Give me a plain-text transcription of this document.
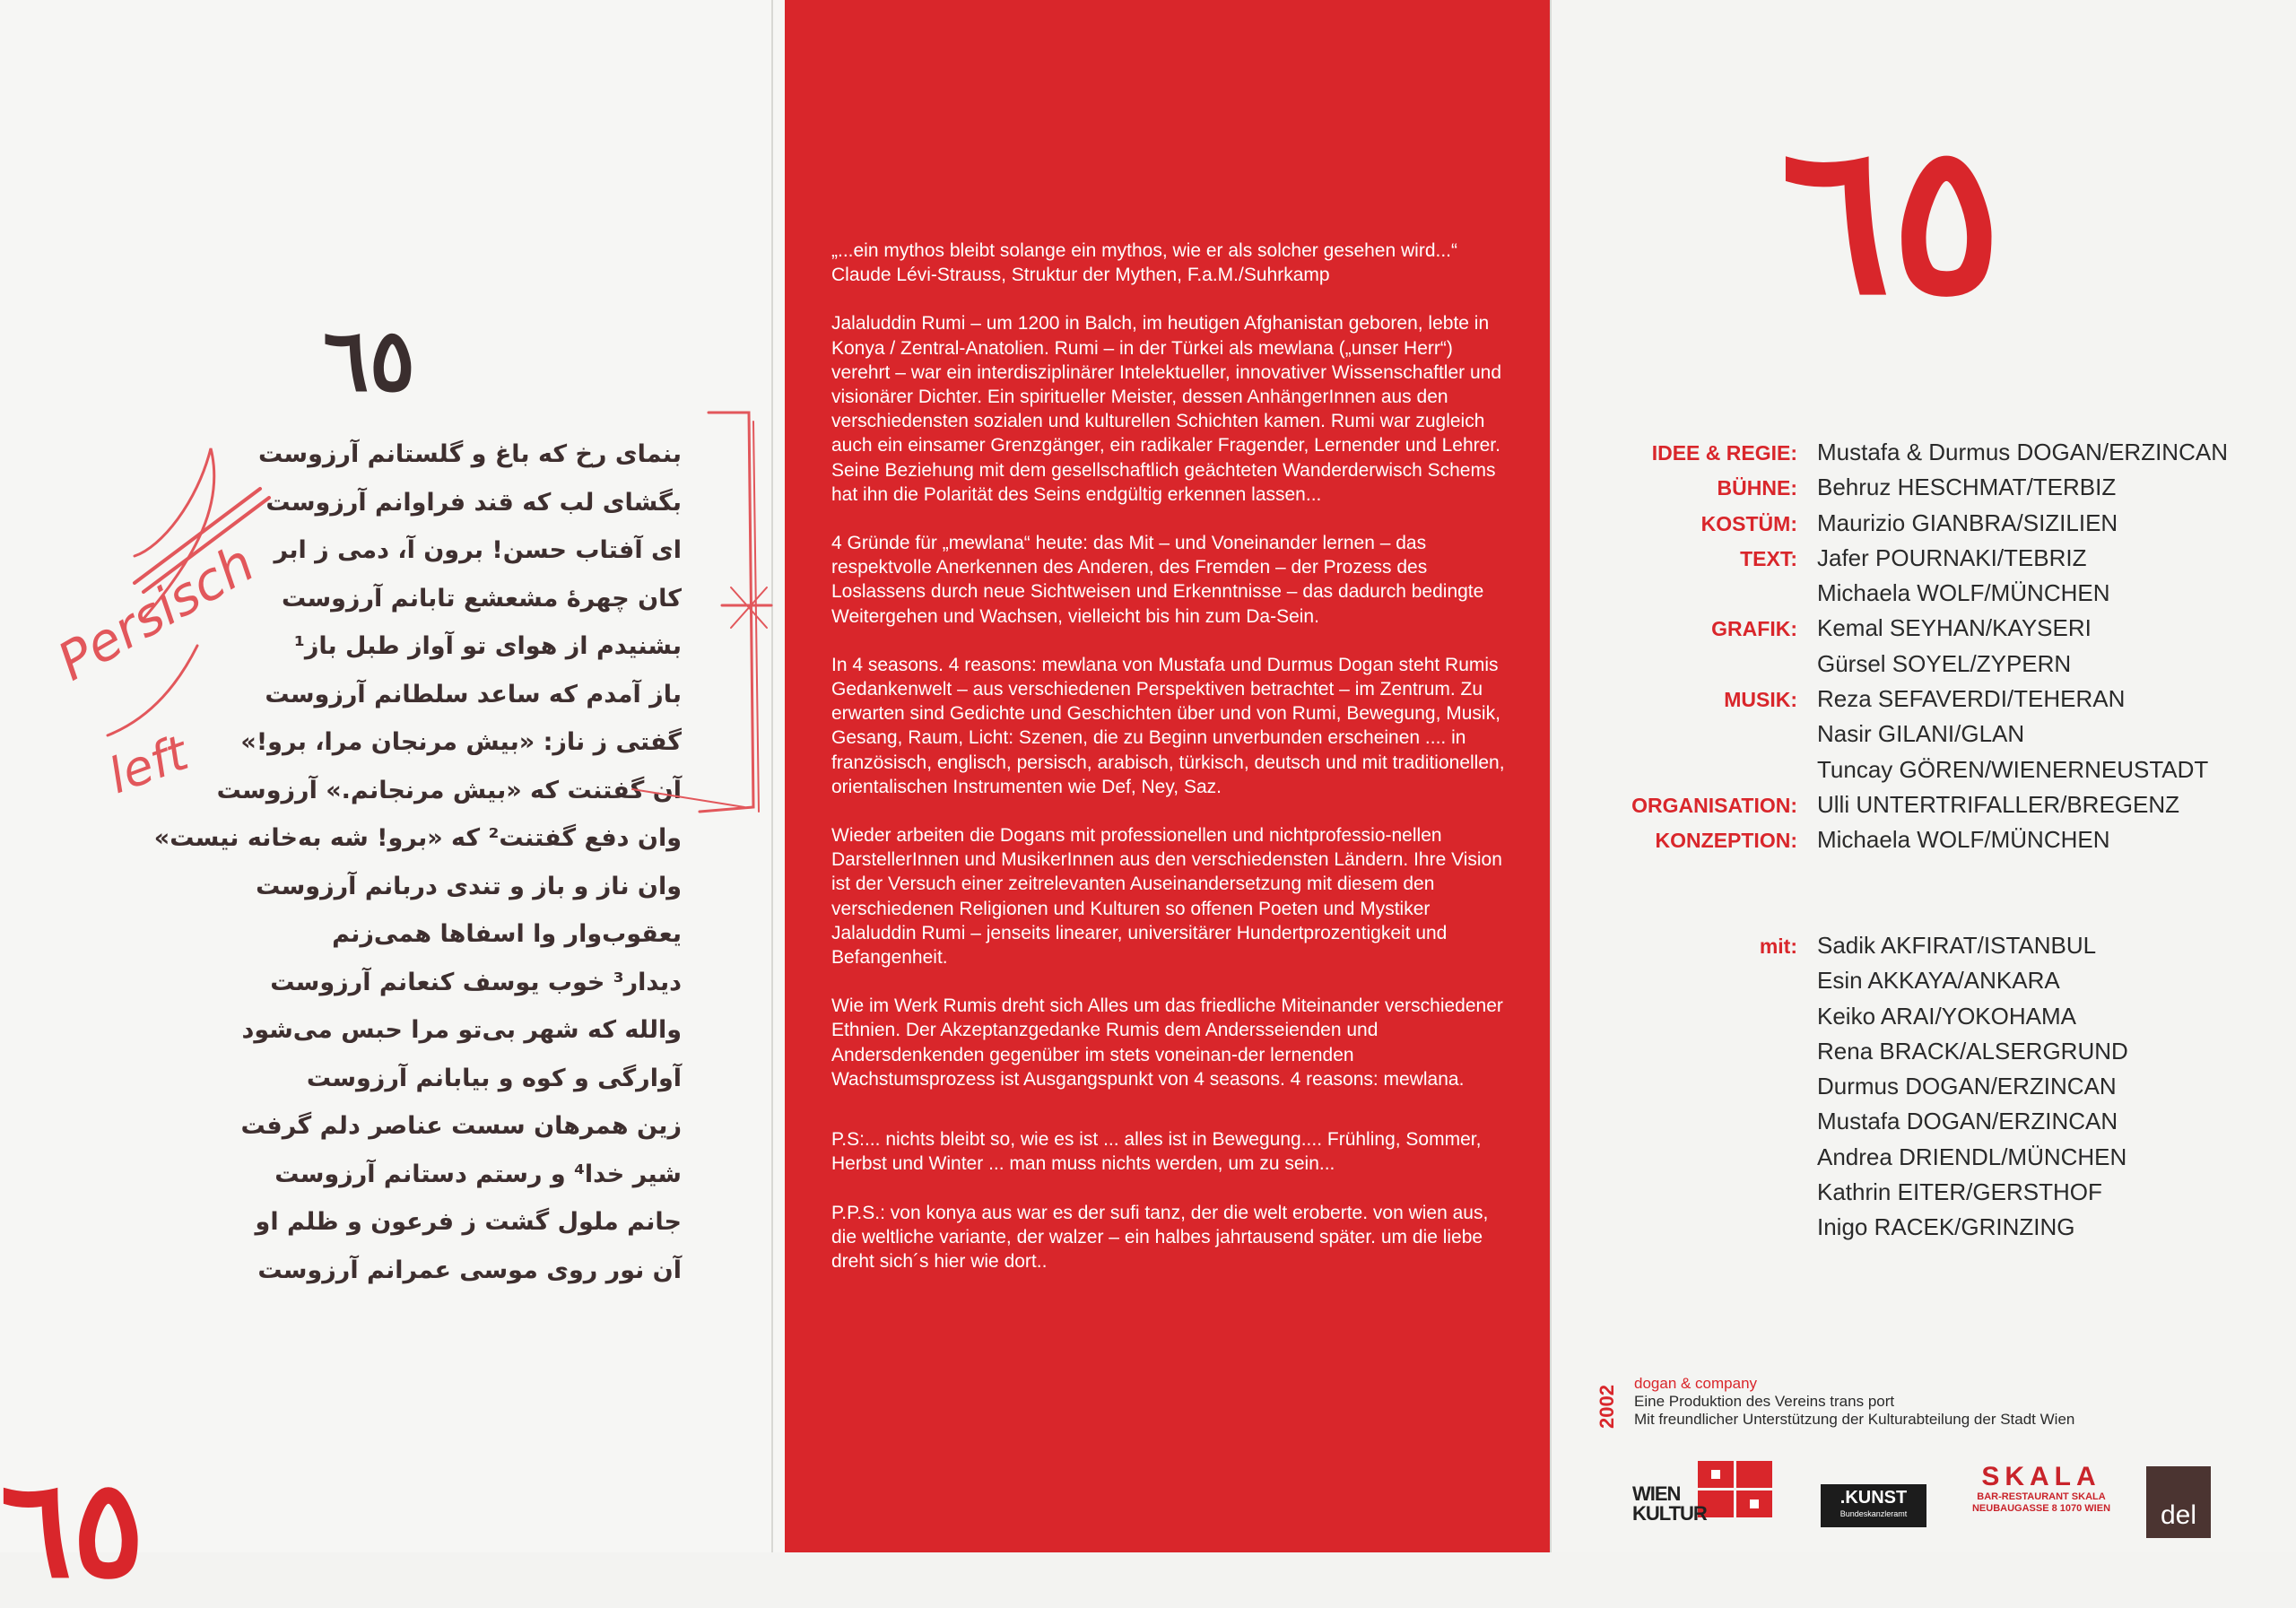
٦٥
بنمای رخ که باغ و گلستانم آرزوست
بگشای لب که قند فراوانم آرزوست
ای آفتاب حسن! برون آ، دمی ز ابر
کان چهرهٔ مشعشع تابانم آرزوست
بشنیدم از هوای تو آواز طبل باز¹
باز آمدم که ساعد سلطانم آرزوست
گفتی ز ناز: «بیش مرنجان مرا، برو!»
آن گفتنت که «بیش مرنجانم.» آرزوست
وان دفع گفتنت² که «برو! شه به‌خانه نیست»
وان ناز و باز و تندی دربانم آرزوست
یعقوب‌وار وا اسفاها همی‌زنم
دیدار³ خوب یوسف کنعانم آرزوست
والله که شهر بی‌تو مرا حبس می‌شود
آوارگی و کوه و بیابانم آرزوست
زین همرهان سست عناصر دلم گرفت
شیر خدا⁴ و رستم دستانم آرزوست
جانم ملول گشت ز فرعون و ظلم او
آن نور روی موسی عمرانم آرزوست
Persisch
left
٦٥

„...ein mythos bleibt solange ein mythos, wie er als solcher gesehen wird...“ Claude Lévi-Strauss, Struktur der Mythen, F.a.M./Suhrkamp

Jalaluddin Rumi – um 1200 in Balch, im heutigen Afghanistan geboren, lebte in Konya / Zentral-Anatolien. Rumi – in der Türkei als mewlana („unser Herr“) verehrt – war ein interdisziplinärer Intelektueller, innovativer Wissenschaftler und visionärer Dichter. Ein spiritueller Meister, dessen AnhängerInnen aus den verschiedensten sozialen und kulturellen Schichten kamen. Rumi war zugleich auch ein einsamer Grenzgänger, ein radikaler Fragender, Lernender und Lehrer. Seine Beziehung mit dem gesellschaftlich geächteten Wanderderwisch Schems hat ihn die Polarität des Seins endgültig erkennen lassen...

4 Gründe für „mewlana“ heute: das Mit – und Voneinander lernen – das respektvolle Anerkennen des Anderen, des Fremden – der Prozess des Loslassens durch neue Sichtweisen und Erkenntnisse – das dadurch bedingte Weitergehen und Wachsen, vielleicht bis hin zum Da-Sein.

In 4 seasons. 4 reasons: mewlana von Mustafa und Durmus Dogan steht Rumis Gedankenwelt – aus verschiedenen Perspektiven betrachtet – im Zentrum. Zu erwarten sind Gedichte und Geschichten über und von Rumi, Bewegung, Musik, Gesang, Raum, Licht: Szenen, die zu Beginn unverbunden erscheinen .... in französisch, englisch, persisch, arabisch, türkisch, deutsch und mit traditionellen, orientalischen Instrumenten wie Def, Ney, Saz.

Wieder arbeiten die Dogans mit professionellen und nichtprofessio-nellen DarstellerInnen und MusikerInnen aus den verschiedensten Ländern. Ihre Vision ist der Versuch einer zeitrelevanten Auseinandersetzung mit diesem den verschiedenen Religionen und Kulturen so offenen Poeten und Mystiker Jalaluddin Rumi – jenseits linearer, universitärer Hundertprozentigkeit und Befangenheit.

Wie im Werk Rumis dreht sich Alles um das friedliche Miteinander verschiedener Ethnien. Der Akzeptanzgedanke Rumis dem Andersseienden und Andersdenkenden gegenüber im stets voneinan-der lernenden Wachstumsprozess ist Ausgangspunkt von 4 seasons. 4 reasons: mewlana.

P.S:... nichts bleibt so, wie es ist ... alles ist in Bewegung.... Frühling, Sommer, Herbst und Winter ... man muss nichts werden, um zu sein...

P.P.S.: von konya aus war es der sufi tanz, der die welt eroberte. von wien aus, die weltliche variante, der walzer – ein halbes jahrtausend später. um die liebe dreht sich´s hier wie dort..

٦٥
IDEE & REGIE: Mustafa & Durmus DOGAN/ERZINCAN
BÜHNE: Behruz HESCHMAT/TERBIZ
KOSTÜM: Maurizio GIANBRA/SIZILIEN
TEXT: Jafer POURNAKI/TEBRIZ
Michaela WOLF/MÜNCHEN
GRAFIK: Kemal SEYHAN/KAYSERI
Gürsel SOYEL/ZYPERN
MUSIK: Reza SEFAVERDI/TEHERAN
Nasir GILANI/GLAN
Tuncay GÖREN/WIENERNEUSTADT
ORGANISATION: Ulli UNTERTRIFALLER/BREGENZ
KONZEPTION: Michaela WOLF/MÜNCHEN
mit: Sadik AKFIRAT/ISTANBUL
Esin AKKAYA/ANKARA
Keiko ARAI/YOKOHAMA
Rena BRACK/ALSERGRUND
Durmus DOGAN/ERZINCAN
Mustafa DOGAN/ERZINCAN
Andrea DRIENDL/MÜNCHEN
Kathrin EITER/GERSTHOF
Inigo RACEK/GRINZING
2002
dogan & company
Eine Produktion des Vereins trans port
Mit freundlicher Unterstützung der Kulturabteilung der Stadt Wien
WIEN
KULTUR
.KUNST
Bundeskanzleramt
SKALA
BAR-RESTAURANT SKALA
NEUBAUGASSE 8 1070 WIEN	del
